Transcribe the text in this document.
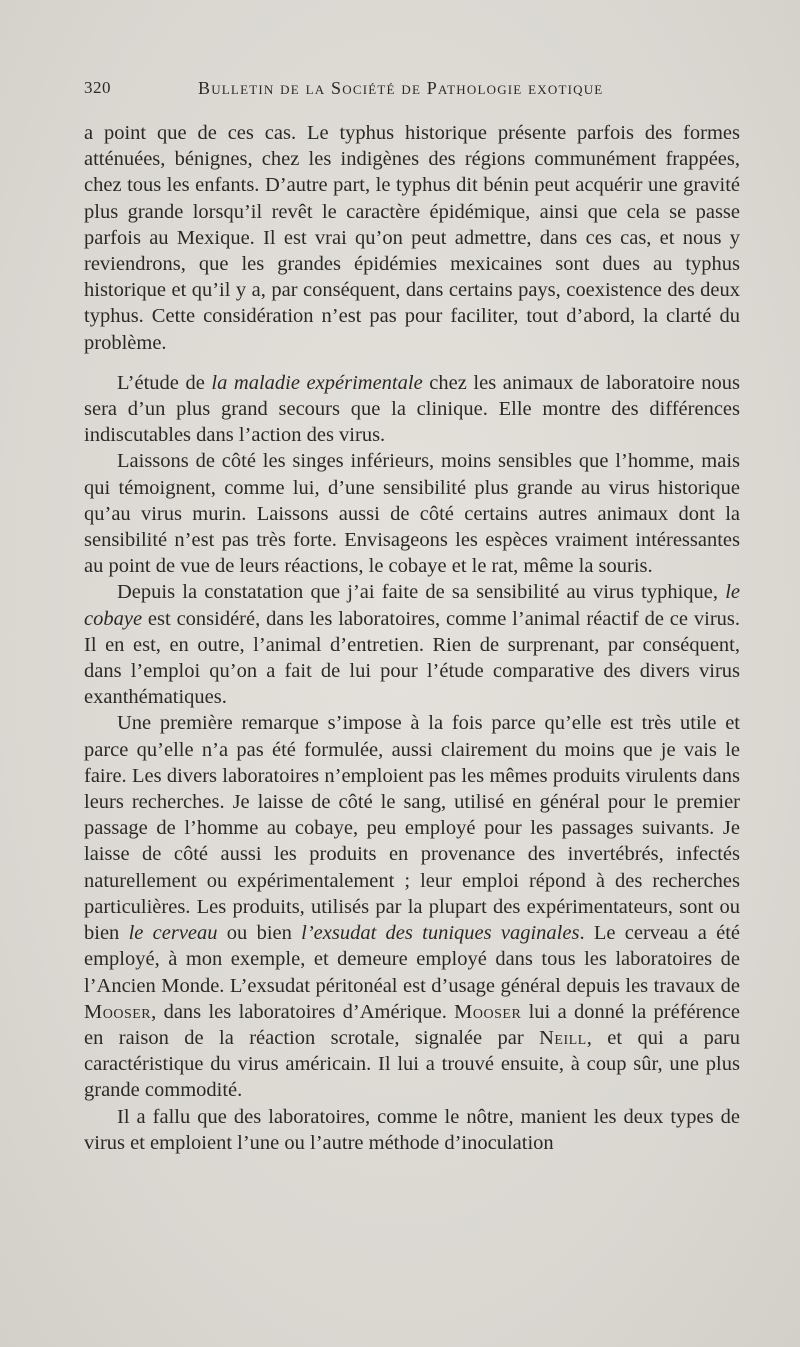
320	Bulletin de la Société de Pathologie exotique

a point que de ces cas. Le typhus historique présente parfois des formes atténuées, bénignes, chez les indigènes des régions communément frappées, chez tous les enfants. D’autre part, le typhus dit bénin peut acquérir une gravité plus grande lorsqu’il revêt le caractère épidémique, ainsi que cela se passe parfois au Mexique. Il est vrai qu’on peut admettre, dans ces cas, et nous y reviendrons, que les grandes épidémies mexicaines sont dues au typhus historique et qu’il y a, par conséquent, dans certains pays, coexistence des deux typhus. Cette considération n’est pas pour faciliter, tout d’abord, la clarté du problème.

L’étude de la maladie expérimentale chez les animaux de laboratoire nous sera d’un plus grand secours que la clinique. Elle montre des différences indiscutables dans l’action des virus.

Laissons de côté les singes inférieurs, moins sensibles que l’homme, mais qui témoignent, comme lui, d’une sensibilité plus grande au virus historique qu’au virus murin. Laissons aussi de côté certains autres animaux dont la sensibilité n’est pas très forte. Envisageons les espèces vraiment intéressantes au point de vue de leurs réactions, le cobaye et le rat, même la souris.

Depuis la constatation que j’ai faite de sa sensibilité au virus typhique, le cobaye est considéré, dans les laboratoires, comme l’animal réactif de ce virus. Il en est, en outre, l’animal d’entretien. Rien de surprenant, par conséquent, dans l’emploi qu’on a fait de lui pour l’étude comparative des divers virus exanthématiques.

Une première remarque s’impose à la fois parce qu’elle est très utile et parce qu’elle n’a pas été formulée, aussi clairement du moins que je vais le faire. Les divers laboratoires n’emploient pas les mêmes produits virulents dans leurs recherches. Je laisse de côté le sang, utilisé en général pour le premier passage de l’homme au cobaye, peu employé pour les passages suivants. Je laisse de côté aussi les produits en provenance des invertébrés, infectés naturellement ou expérimentalement ; leur emploi répond à des recherches particulières. Les produits, utilisés par la plupart des expérimentateurs, sont ou bien le cerveau ou bien l’exsudat des tuniques vaginales. Le cerveau a été employé, à mon exemple, et demeure employé dans tous les laboratoires de l’Ancien Monde. L’exsudat péritonéal est d’usage général depuis les travaux de Mooser, dans les laboratoires d’Amérique. Mooser lui a donné la préférence en raison de la réaction scrotale, signalée par Neill, et qui a paru caractéristique du virus américain. Il lui a trouvé ensuite, à coup sûr, une plus grande commodité.

Il a fallu que des laboratoires, comme le nôtre, manient les deux types de virus et emploient l’une ou l’autre méthode d’inoculation
